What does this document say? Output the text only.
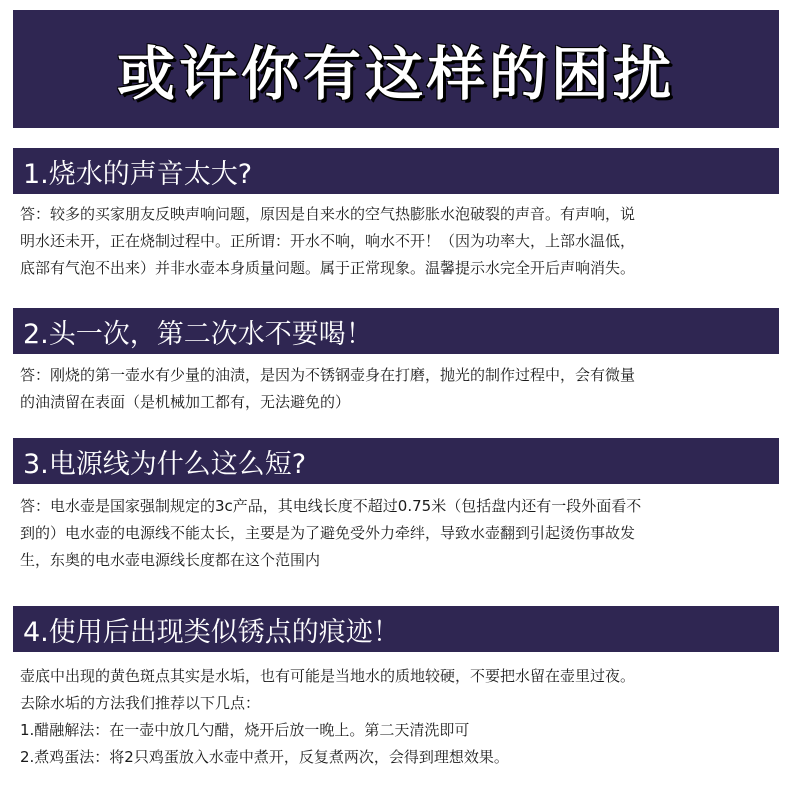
或许你有这样的困扰
1.烧水的声音太大?
答：较多的买家朋友反映声响问题，原因是自来水的空气热膨胀水泡破裂的声音。有声响，说
明水还未开，正在烧制过程中。正所谓：开水不响，响水不开！（因为功率大，上部水温低，
底部有气泡不出来）并非水壶本身质量问题。属于正常现象。温馨提示水完全开后声响消失。
2.头一次，第二次水不要喝！
答：刚烧的第一壶水有少量的油渍，是因为不锈钢壶身在打磨，抛光的制作过程中，会有微量
的油渍留在表面（是机械加工都有，无法避免的）
3.电源线为什么这么短?
答：电水壶是国家强制规定的3c产品，其电线长度不超过0.75米（包括盘内还有一段外面看不
到的）电水壶的电源线不能太长，主要是为了避免受外力牵绊，导致水壶翻到引起烫伤事故发
生，东奥的电水壶电源线长度都在这个范围内
4.使用后出现类似锈点的痕迹！
壶底中出现的黄色斑点其实是水垢，也有可能是当地水的质地较硬，不要把水留在壶里过夜。
去除水垢的方法我们推荐以下几点：
1.醋融解法：在一壶中放几勺醋，烧开后放一晚上。第二天清洗即可
2.煮鸡蛋法：将2只鸡蛋放入水壶中煮开，反复煮两次，会得到理想效果。
